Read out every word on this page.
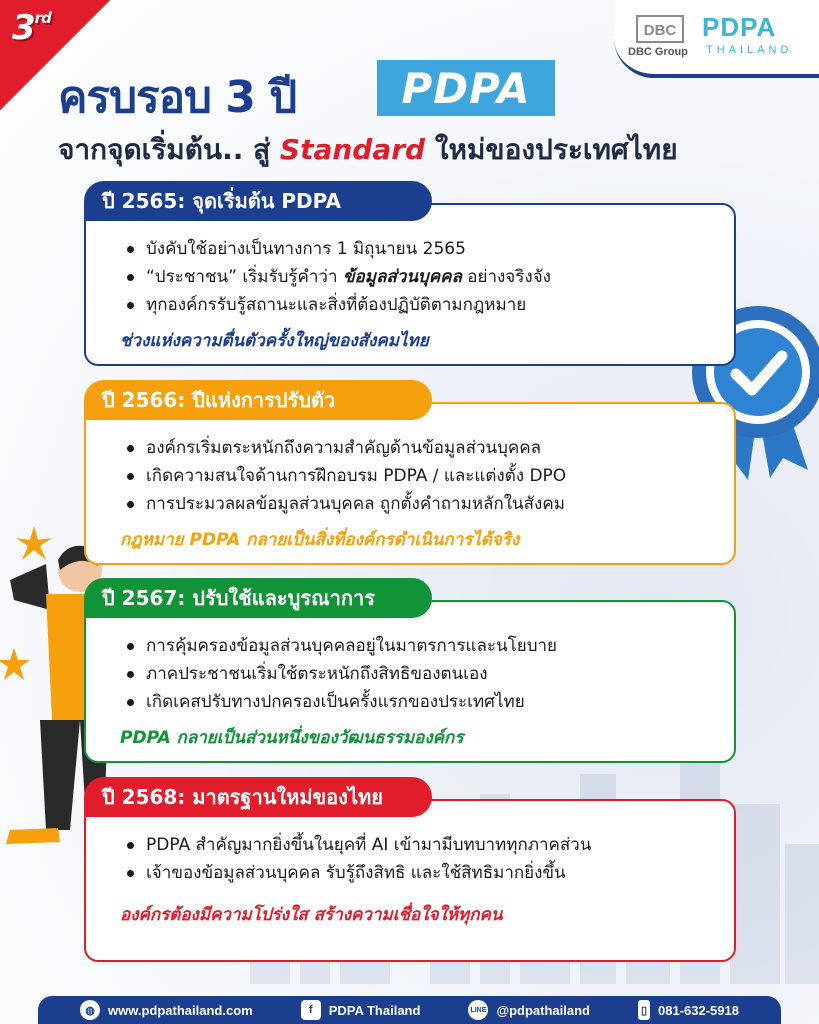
3rd
DBC
DBC Group
PDPA
THAILAND
ครบรอบ 3 ปี	PDPA
จากจุดเริ่มต้น.. สู่ Standard ใหม่ของประเทศไทย
บังคับใช้อย่างเป็นทางการ 1 มิถุนายน 2565
“ประชาชน” เริ่มรับรู้คำว่า ข้อมูลส่วนบุคคล อย่างจริงจัง
ทุกองค์กรรับรู้สถานะและสิ่งที่ต้องปฏิบัติตามกฎหมาย
ช่วงแห่งความตื่นตัวครั้งใหญ่ของสังคมไทย
ปี 2565: จุดเริ่มต้น PDPA
องค์กรเริ่มตระหนักถึงความสำคัญด้านข้อมูลส่วนบุคคล
เกิดความสนใจด้านการฝึกอบรม PDPA / และแต่งตั้ง DPO
การประมวลผลข้อมูลส่วนบุคคล ถูกตั้งคำถามหลักในสังคม
กฎหมาย PDPA กลายเป็นสิ่งที่องค์กรดำเนินการได้จริง
ปี 2566: ปีแห่งการปรับตัว
การคุ้มครองข้อมูลส่วนบุคคลอยู่ในมาตรการและนโยบาย
ภาคประชาชนเริ่มใช้ตระหนักถึงสิทธิของตนเอง
เกิดเคสปรับทางปกครองเป็นครั้งแรกของประเทศไทย
PDPA กลายเป็นส่วนหนึ่งของวัฒนธรรมองค์กร
ปี 2567: ปรับใช้และบูรณาการ
PDPA สำคัญมากยิ่งขึ้นในยุคที่ AI เข้ามามีบทบาททุกภาคส่วน
เจ้าของข้อมูลส่วนบุคคล รับรู้ถึงสิทธิ และใช้สิทธิมากยิ่งขึ้น
องค์กรต้องมีความโปร่งใส สร้างความเชื่อใจให้ทุกคน
ปี 2568: มาตรฐานใหม่ของไทย
◍	www.pdpathailand.com	f	PDPA Thailand	LINE @pdpathailand	▯ 081-632-5918
